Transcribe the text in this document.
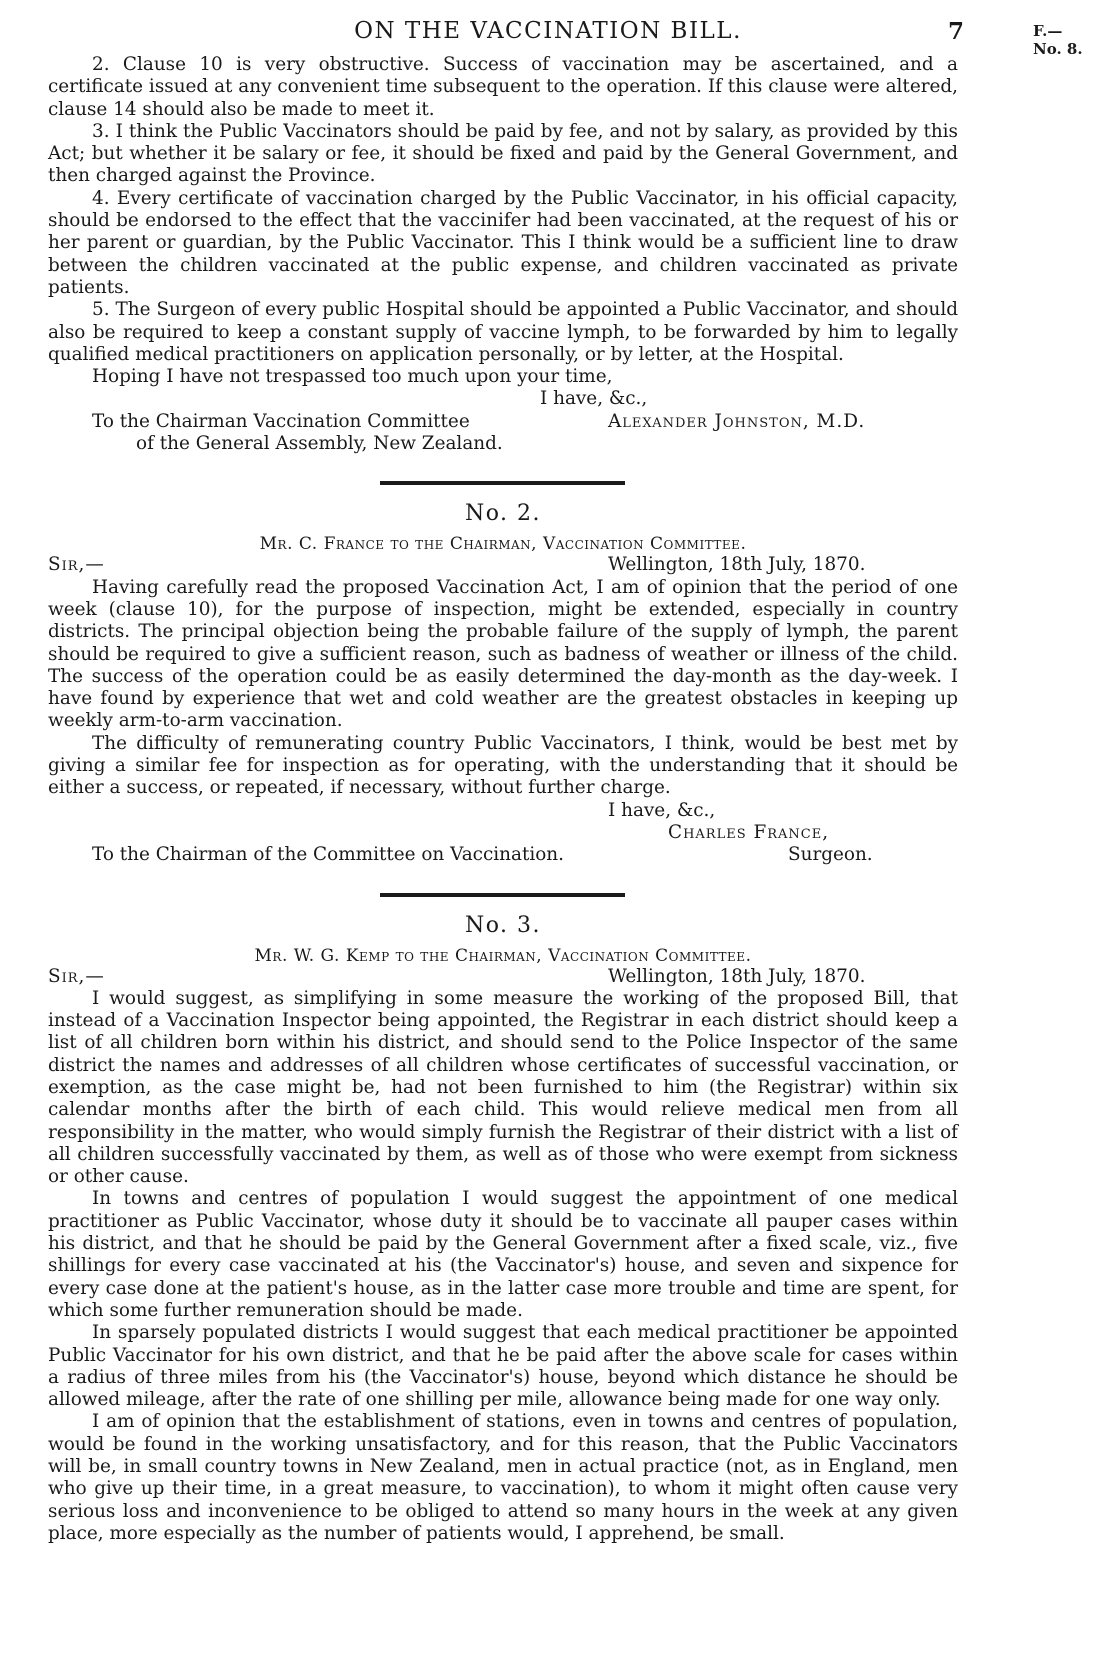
ON THE VACCINATION BILL.	7	F.—No. 8.

2. Clause 10 is very obstructive. Success of vaccination may be ascertained, and a certificate issued at any convenient time subsequent to the operation. If this clause were altered, clause 14 should also be made to meet it.

3. I think the Public Vaccinators should be paid by fee, and not by salary, as provided by this Act; but whether it be salary or fee, it should be fixed and paid by the General Government, and then charged against the Province.

4. Every certificate of vaccination charged by the Public Vaccinator, in his official capacity, should be endorsed to the effect that the vaccinifer had been vaccinated, at the request of his or her parent or guardian, by the Public Vaccinator. This I think would be a sufficient line to draw between the children vaccinated at the public expense, and children vaccinated as private patients.

5. The Surgeon of every public Hospital should be appointed a Public Vaccinator, and should also be required to keep a constant supply of vaccine lymph, to be forwarded by him to legally qualified medical practitioners on application personally, or by letter, at the Hospital.

Hoping I have not trespassed too much upon your time,

I have, &c.,
To the Chairman Vaccination Committee	Alexander Johnston, M.D.
of the General Assembly, New Zealand.
No. 2.
Mr. C. France to the Chairman, Vaccination Committee.
Sir,—	Wellington, 18th July, 1870.

Having carefully read the proposed Vaccination Act, I am of opinion that the period of one week (clause 10), for the purpose of inspection, might be extended, especially in country districts. The principal objection being the probable failure of the supply of lymph, the parent should be required to give a sufficient reason, such as badness of weather or illness of the child. The success of the operation could be as easily determined the day-month as the day-week. I have found by experience that wet and cold weather are the greatest obstacles in keeping up weekly arm-to-arm vaccination.

The difficulty of remunerating country Public Vaccinators, I think, would be best met by giving a similar fee for inspection as for operating, with the understanding that it should be either a success, or repeated, if necessary, without further charge.

I have, &c.,
Charles France,
To the Chairman of the Committee on Vaccination.	Surgeon.
No. 3.
Mr. W. G. Kemp to the Chairman, Vaccination Committee.
Sir,—	Wellington, 18th July, 1870.

I would suggest, as simplifying in some measure the working of the proposed Bill, that instead of a Vaccination Inspector being appointed, the Registrar in each district should keep a list of all children born within his district, and should send to the Police Inspector of the same district the names and addresses of all children whose certificates of successful vaccination, or exemption, as the case might be, had not been furnished to him (the Registrar) within six calendar months after the birth of each child. This would relieve medical men from all responsibility in the matter, who would simply furnish the Registrar of their district with a list of all children successfully vaccinated by them, as well as of those who were exempt from sickness or other cause.

In towns and centres of population I would suggest the appointment of one medical practitioner as Public Vaccinator, whose duty it should be to vaccinate all pauper cases within his district, and that he should be paid by the General Government after a fixed scale, viz., five shillings for every case vaccinated at his (the Vaccinator's) house, and seven and sixpence for every case done at the patient's house, as in the latter case more trouble and time are spent, for which some further remuneration should be made.

In sparsely populated districts I would suggest that each medical practitioner be appointed Public Vaccinator for his own district, and that he be paid after the above scale for cases within a radius of three miles from his (the Vaccinator's) house, beyond which distance he should be allowed mileage, after the rate of one shilling per mile, allowance being made for one way only.

I am of opinion that the establishment of stations, even in towns and centres of population, would be found in the working unsatisfactory, and for this reason, that the Public Vaccinators will be, in small country towns in New Zealand, men in actual practice (not, as in England, men who give up their time, in a great measure, to vaccination), to whom it might often cause very serious loss and inconvenience to be obliged to attend so many hours in the week at any given place, more especially as the number of patients would, I apprehend, be small.
